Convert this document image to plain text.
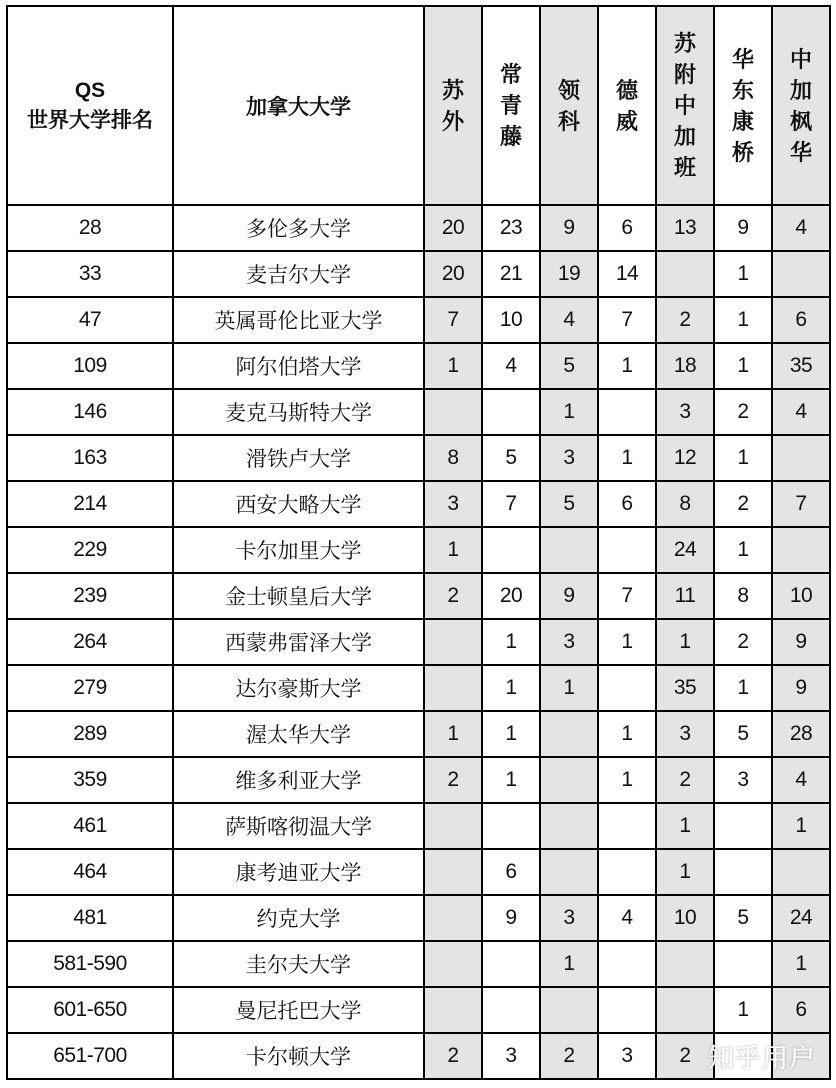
QS
世界大学排名	加拿大大学	苏外	常青藤	领科	德威	苏附中加班	华东康桥	中加枫华
28	多伦多大学	20	23	9	6	13	9	4
33	麦吉尔大学	20	21	19	14		1	
47	英属哥伦比亚大学	7	10	4	7	2	1	6
109	阿尔伯塔大学	1	4	5	1	18	1	35
146	麦克马斯特大学			1		3	2	4
163	滑铁卢大学	8	5	3	1	12	1	
214	西安大略大学	3	7	5	6	8	2	7
229	卡尔加里大学	1				24	1	
239	金士顿皇后大学	2	20	9	7	11	8	10
264	西蒙弗雷泽大学		1	3	1	1	2	9
279	达尔豪斯大学		1	1		35	1	9
289	渥太华大学	1	1		1	3	5	28
359	维多利亚大学	2	1		1	2	3	4
461	萨斯喀彻温大学					1		1
464	康考迪亚大学		6			1		
481	约克大学		9	3	4	10	5	24
581-590	圭尔夫大学			1				1
601-650	曼尼托巴大学						1	6
651-700	卡尔顿大学	2	3	2	3	2		知乎用户
